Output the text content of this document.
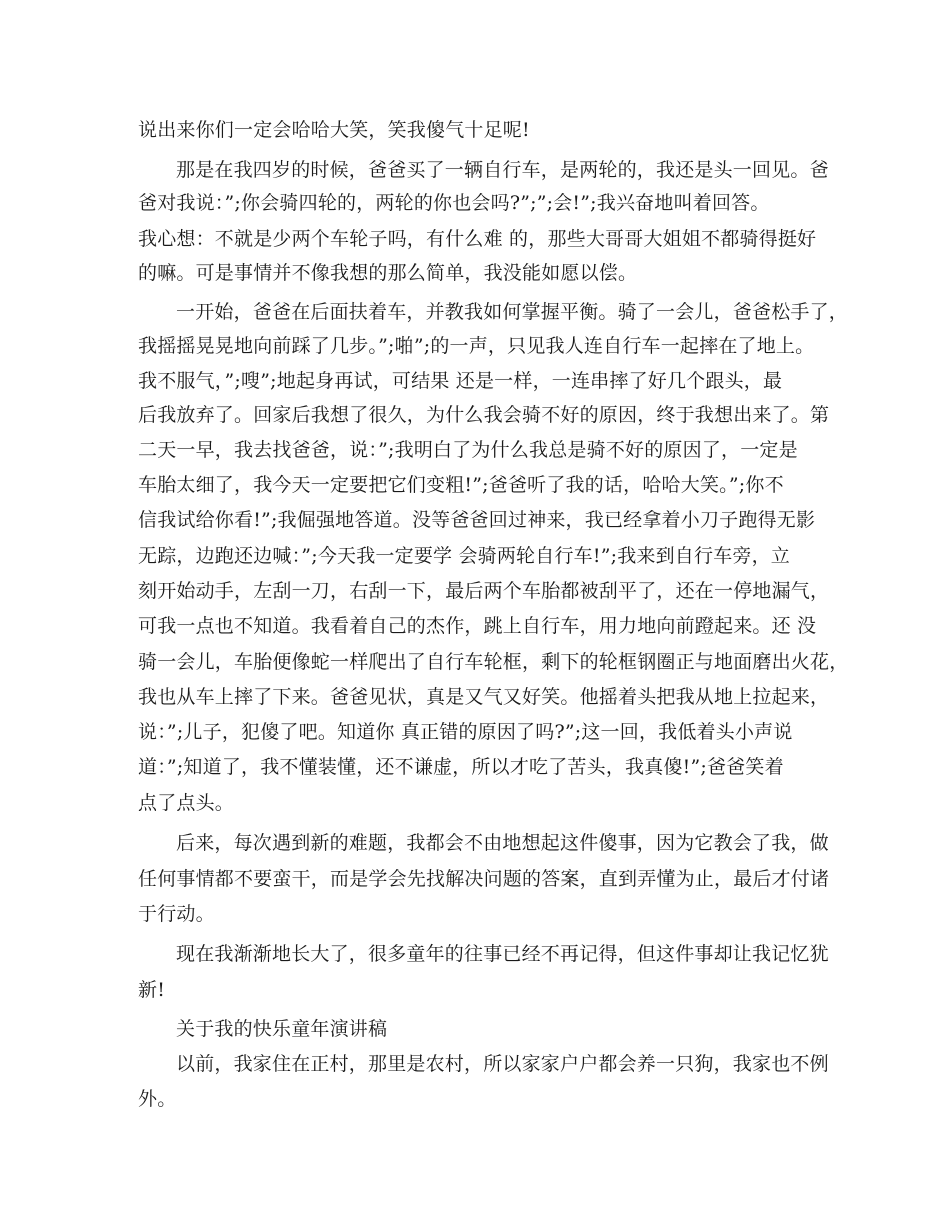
说出来你们一定会哈哈大笑，笑我傻气十足呢!
那是在我四岁的时候，爸爸买了一辆自行车，是两轮的，我还是头一回见。爸
爸对我说：”;你会骑四轮的，两轮的你也会吗?”;”;会!”;我兴奋地叫着回答。
我心想：不就是少两个车轮子吗，有什么难 的，那些大哥哥大姐姐不都骑得挺好
的嘛。可是事情并不像我想的那么简单，我没能如愿以偿。
一开始，爸爸在后面扶着车，并教我如何掌握平衡。骑了一会儿，爸爸松手了，
我摇摇晃晃地向前踩了几步。”;啪”;的一声，只见我人连自行车一起摔在了地上。
我不服气，”;嗖”;地起身再试，可结果 还是一样，一连串摔了好几个跟头，最
后我放弃了。回家后我想了很久，为什么我会骑不好的原因，终于我想出来了。第
二天一早，我去找爸爸，说：”;我明白了为什么我总是骑不好的原因了，一定是
车胎太细了，我今天一定要把它们变粗!”;爸爸听了我的话，哈哈大笑。”;你不
信我试给你看!”;我倔强地答道。没等爸爸回过神来，我已经拿着小刀子跑得无影
无踪，边跑还边喊：”;今天我一定要学 会骑两轮自行车!”;我来到自行车旁，立
刻开始动手，左刮一刀，右刮一下，最后两个车胎都被刮平了，还在一停地漏气，
可我一点也不知道。我看着自己的杰作，跳上自行车，用力地向前蹬起来。还 没
骑一会儿，车胎便像蛇一样爬出了自行车轮框，剩下的轮框钢圈正与地面磨出火花，
我也从车上摔了下来。爸爸见状，真是又气又好笑。他摇着头把我从地上拉起来，
说：”;儿子，犯傻了吧。知道你 真正错的原因了吗?”;这一回，我低着头小声说
道：”;知道了，我不懂装懂，还不谦虚，所以才吃了苦头，我真傻!”;爸爸笑着
点了点头。
后来，每次遇到新的难题，我都会不由地想起这件傻事，因为它教会了我，做
任何事情都不要蛮干，而是学会先找解决问题的答案，直到弄懂为止，最后才付诸
于行动。
现在我渐渐地长大了，很多童年的往事已经不再记得，但这件事却让我记忆犹
新!
关于我的快乐童年演讲稿
以前，我家住在正村，那里是农村，所以家家户户都会养一只狗，我家也不例
外。
